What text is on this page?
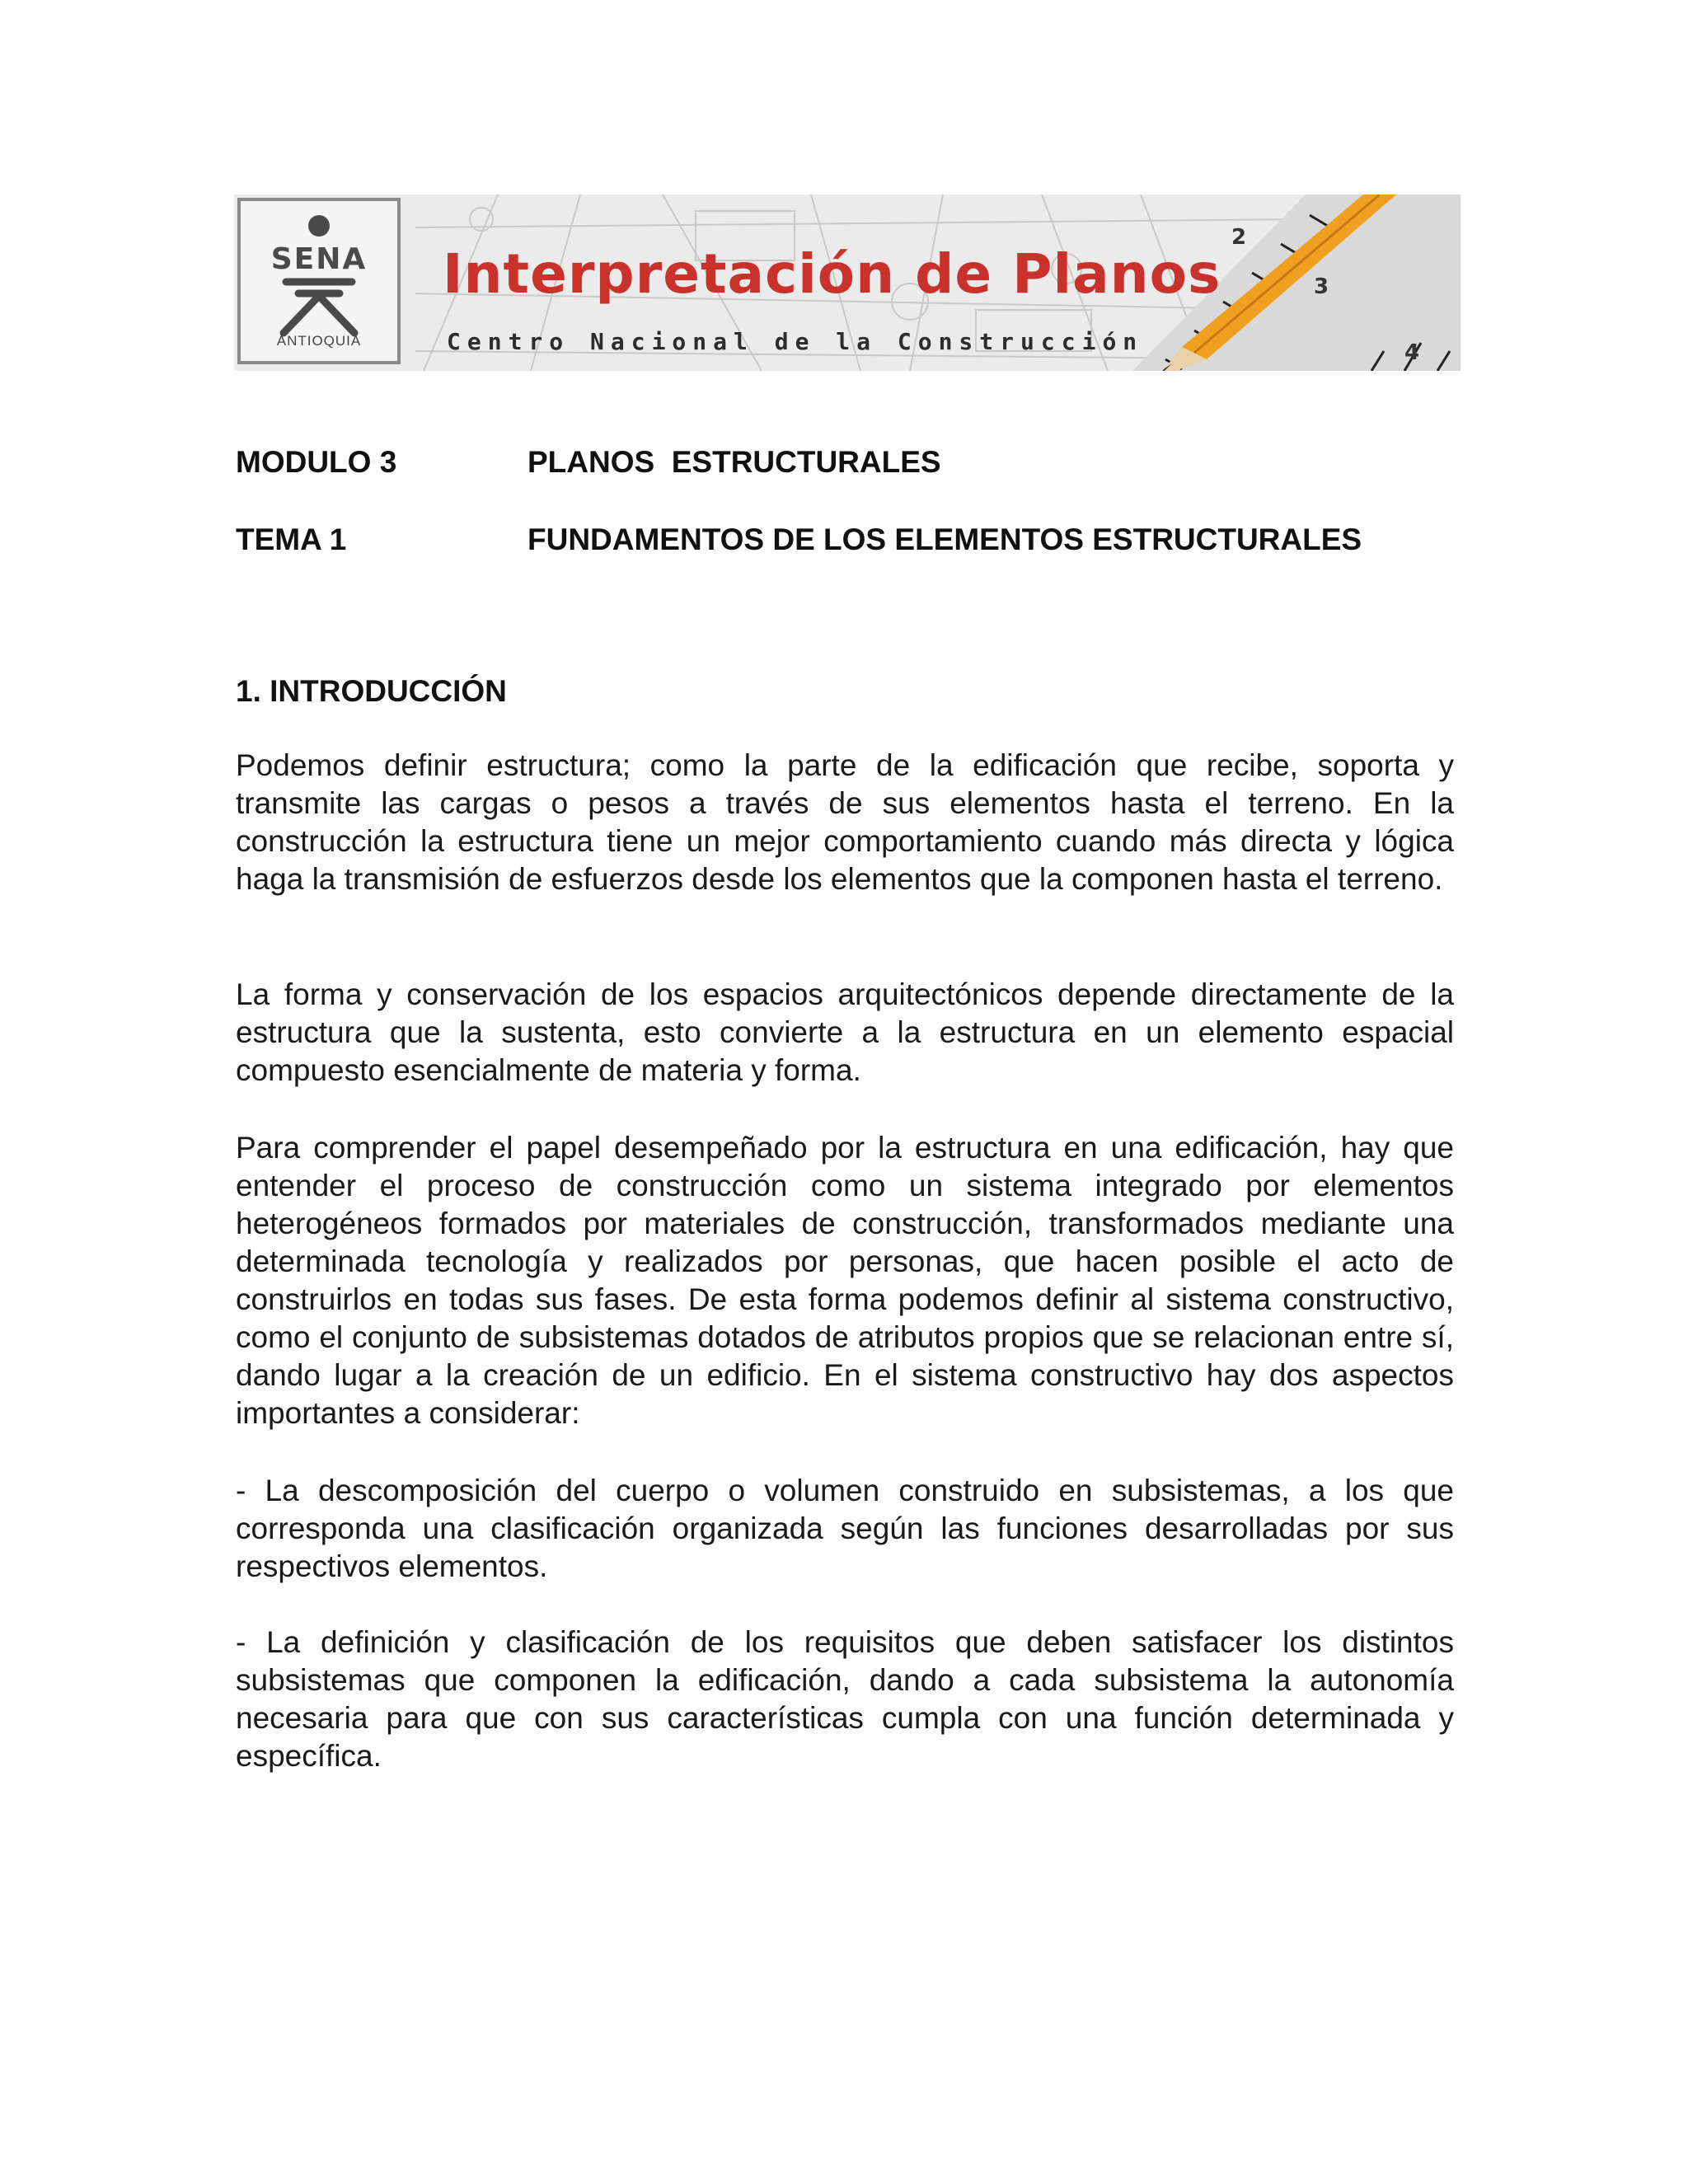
2
3
4
SENA
ANTIOQUIA
Interpretación de Planos
Centro Nacional de la Construcción
MODULO 3	PLANOS  ESTRUCTURALES
TEMA 1	FUNDAMENTOS DE LOS ELEMENTOS ESTRUCTURALES
1. INTRODUCCIÓN

Podemos definir estructura; como la parte de la edificación que recibe, soporta y transmite las cargas o pesos a través de sus elementos hasta el terreno. En la construcción la estructura tiene un mejor comportamiento cuando más directa y lógica haga la transmisión de esfuerzos desde los elementos que la componen hasta el terreno.

La forma y conservación de los espacios arquitectónicos depende directamente de la estructura que la sustenta, esto convierte a la estructura en un elemento espacial compuesto esencialmente de materia y forma.

Para comprender el papel desempeñado por la estructura en una edificación, hay que entender el proceso de construcción como un sistema integrado por elementos heterogéneos formados por materiales de construcción, transformados mediante una determinada tecnología y realizados por personas, que hacen posible el acto de construirlos en todas sus fases. De esta forma podemos definir al sistema constructivo, como el conjunto de subsistemas dotados de atributos propios que se relacionan entre sí, dando lugar a la creación de un edificio. En el sistema constructivo hay dos aspectos importantes a considerar:

- La descomposición del cuerpo o volumen construido en subsistemas, a los que corresponda una clasificación organizada según las funciones desarrolladas por sus respectivos elementos.

- La definición y clasificación de los requisitos que deben satisfacer los distintos subsistemas que componen la edificación, dando a cada subsistema la autonomía necesaria para que con sus características cumpla con una función determinada y específica.
